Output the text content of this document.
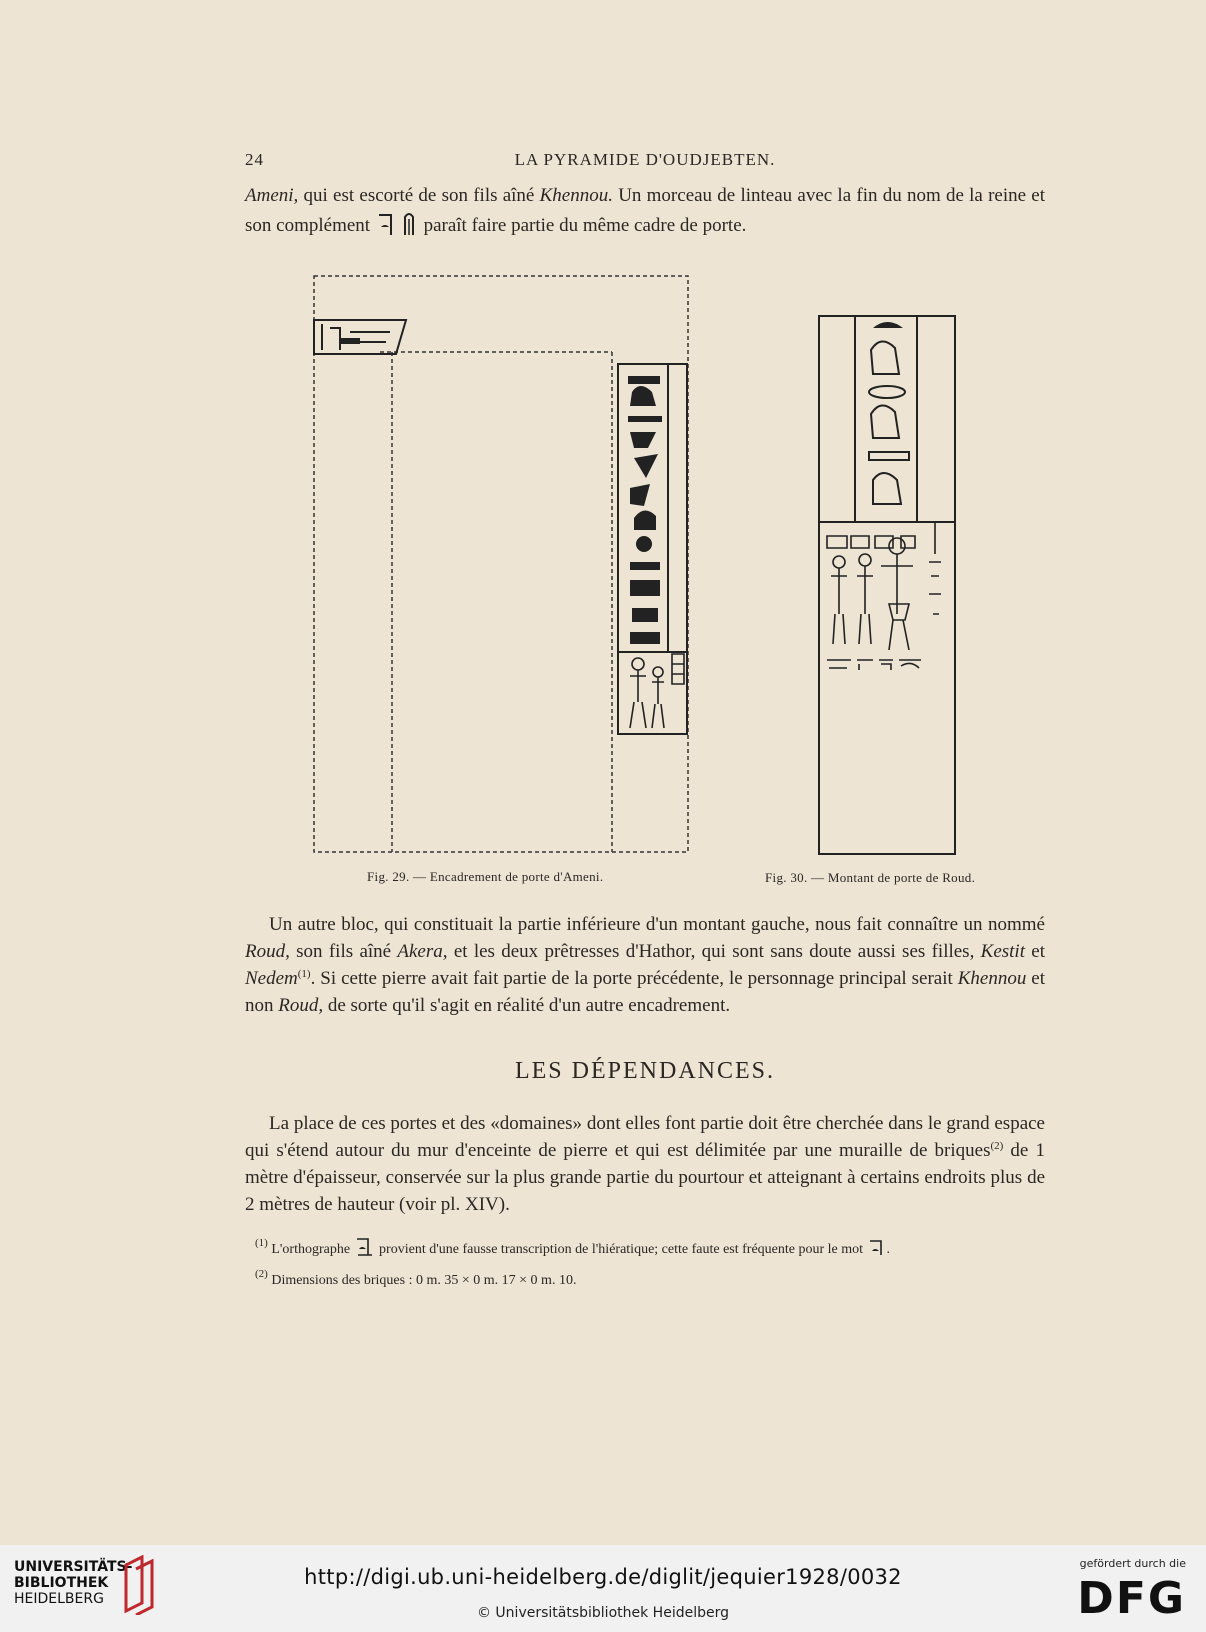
24	LA PYRAMIDE D'OUDJEBTEN.

Ameni, qui est escorté de son fils aîné Khennou. Un morceau de linteau avec la fin du nom de la reine et son complément  paraît faire partie du même cadre de porte.

Fig. 29. — Encadrement de porte d'Ameni.	Fig. 30. — Montant de porte de Roud.

Un autre bloc, qui constituait la partie inférieure d'un montant gauche, nous fait connaître un nommé Roud, son fils aîné Akera, et les deux prêtresses d'Hathor, qui sont sans doute aussi ses filles, Kestit et Nedem$^{(1)}$. Si cette pierre avait fait partie de la porte précédente, le personnage principal serait Khennou et non Roud, de sorte qu'il s'agit en réalité d'un autre encadrement.

LES DÉPENDANCES.

La place de ces portes et des «domaines» dont elles font partie doit être cherchée dans le grand espace qui s'étend autour du mur d'enceinte de pierre et qui est délimitée par une muraille de briques$^{(2)}$ de 1 mètre d'épaisseur, conservée sur la plus grande partie du pourtour et atteignant à certains endroits plus de 2 mètres de hauteur (voir pl. XIV).

$^{(1)}$ L'orthographe  provient d'une fausse transcription de l'hiératique; cette faute est fréquente pour le mot .
$^{(2)}$ Dimensions des briques : 0 m. 35 × 0 m. 17 × 0 m. 10.
UNIVERSITÄTS-
BIBLIOTHEK
HEIDELBERG
http://digi.ub.uni-heidelberg.de/diglit/jequier1928/0032
© Universitätsbibliothek Heidelberg
gefördert durch die
DFG
